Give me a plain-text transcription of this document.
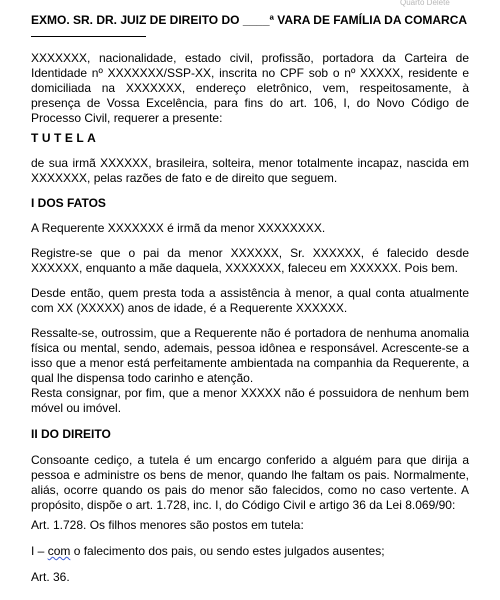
Quarto Delete
EXMO. SR. DR. JUIZ DE DIREITO DO ____ª VARA DE FAMÍLIA DA COMARCA

XXXXXXX, nacionalidade, estado civil, profissão, portadora da Carteira de Identidade nº XXXXXXX/SSP-XX, inscrita no CPF sob o nº XXXXX, residente e domiciliada na XXXXXXX, endereço eletrônico, vem, respeitosamente, à presença de Vossa Excelência, para fins do art. 106, I, do Novo Código de Processo Civil, requerer a presente:

TUTELA

de sua irmã XXXXXX, brasileira, solteira, menor totalmente incapaz, nascida em XXXXXXX, pelas razões de fato e de direito que seguem.

I DOS FATOS

A Requerente XXXXXXX é irmã da menor XXXXXXXX.

Registre-se que o pai da menor XXXXXX, Sr. XXXXXX, é falecido desde XXXXXX, enquanto a mãe daquela, XXXXXXX, faleceu em XXXXXX. Pois bem.

Desde então, quem presta toda a assistência à menor, a qual conta atualmente com XX (XXXXX) anos de idade, é a Requerente XXXXXX.

Ressalte-se, outrossim, que a Requerente não é portadora de nenhuma anomalia física ou mental, sendo, ademais, pessoa idônea e responsável. Acrescente-se a isso que a menor está perfeitamente ambientada na companhia da Requerente, a qual lhe dispensa todo carinho e atenção.

Resta consignar, por fim, que a menor XXXXX não é possuidora de nenhum bem móvel ou imóvel.

II DO DIREITO

Consoante cediço, a tutela é um encargo conferido a alguém para que dirija a pessoa e administre os bens de menor, quando lhe faltam os pais. Normalmente, aliás, ocorre quando os pais do menor são falecidos, como no caso vertente. A propósito, dispõe o art. 1.728, inc. I, do Código Civil e artigo 36 da Lei 8.069/90:

Art. 1.728. Os filhos menores são postos em tutela:

I – com o falecimento dos pais, ou sendo estes julgados ausentes;

Art. 36.
